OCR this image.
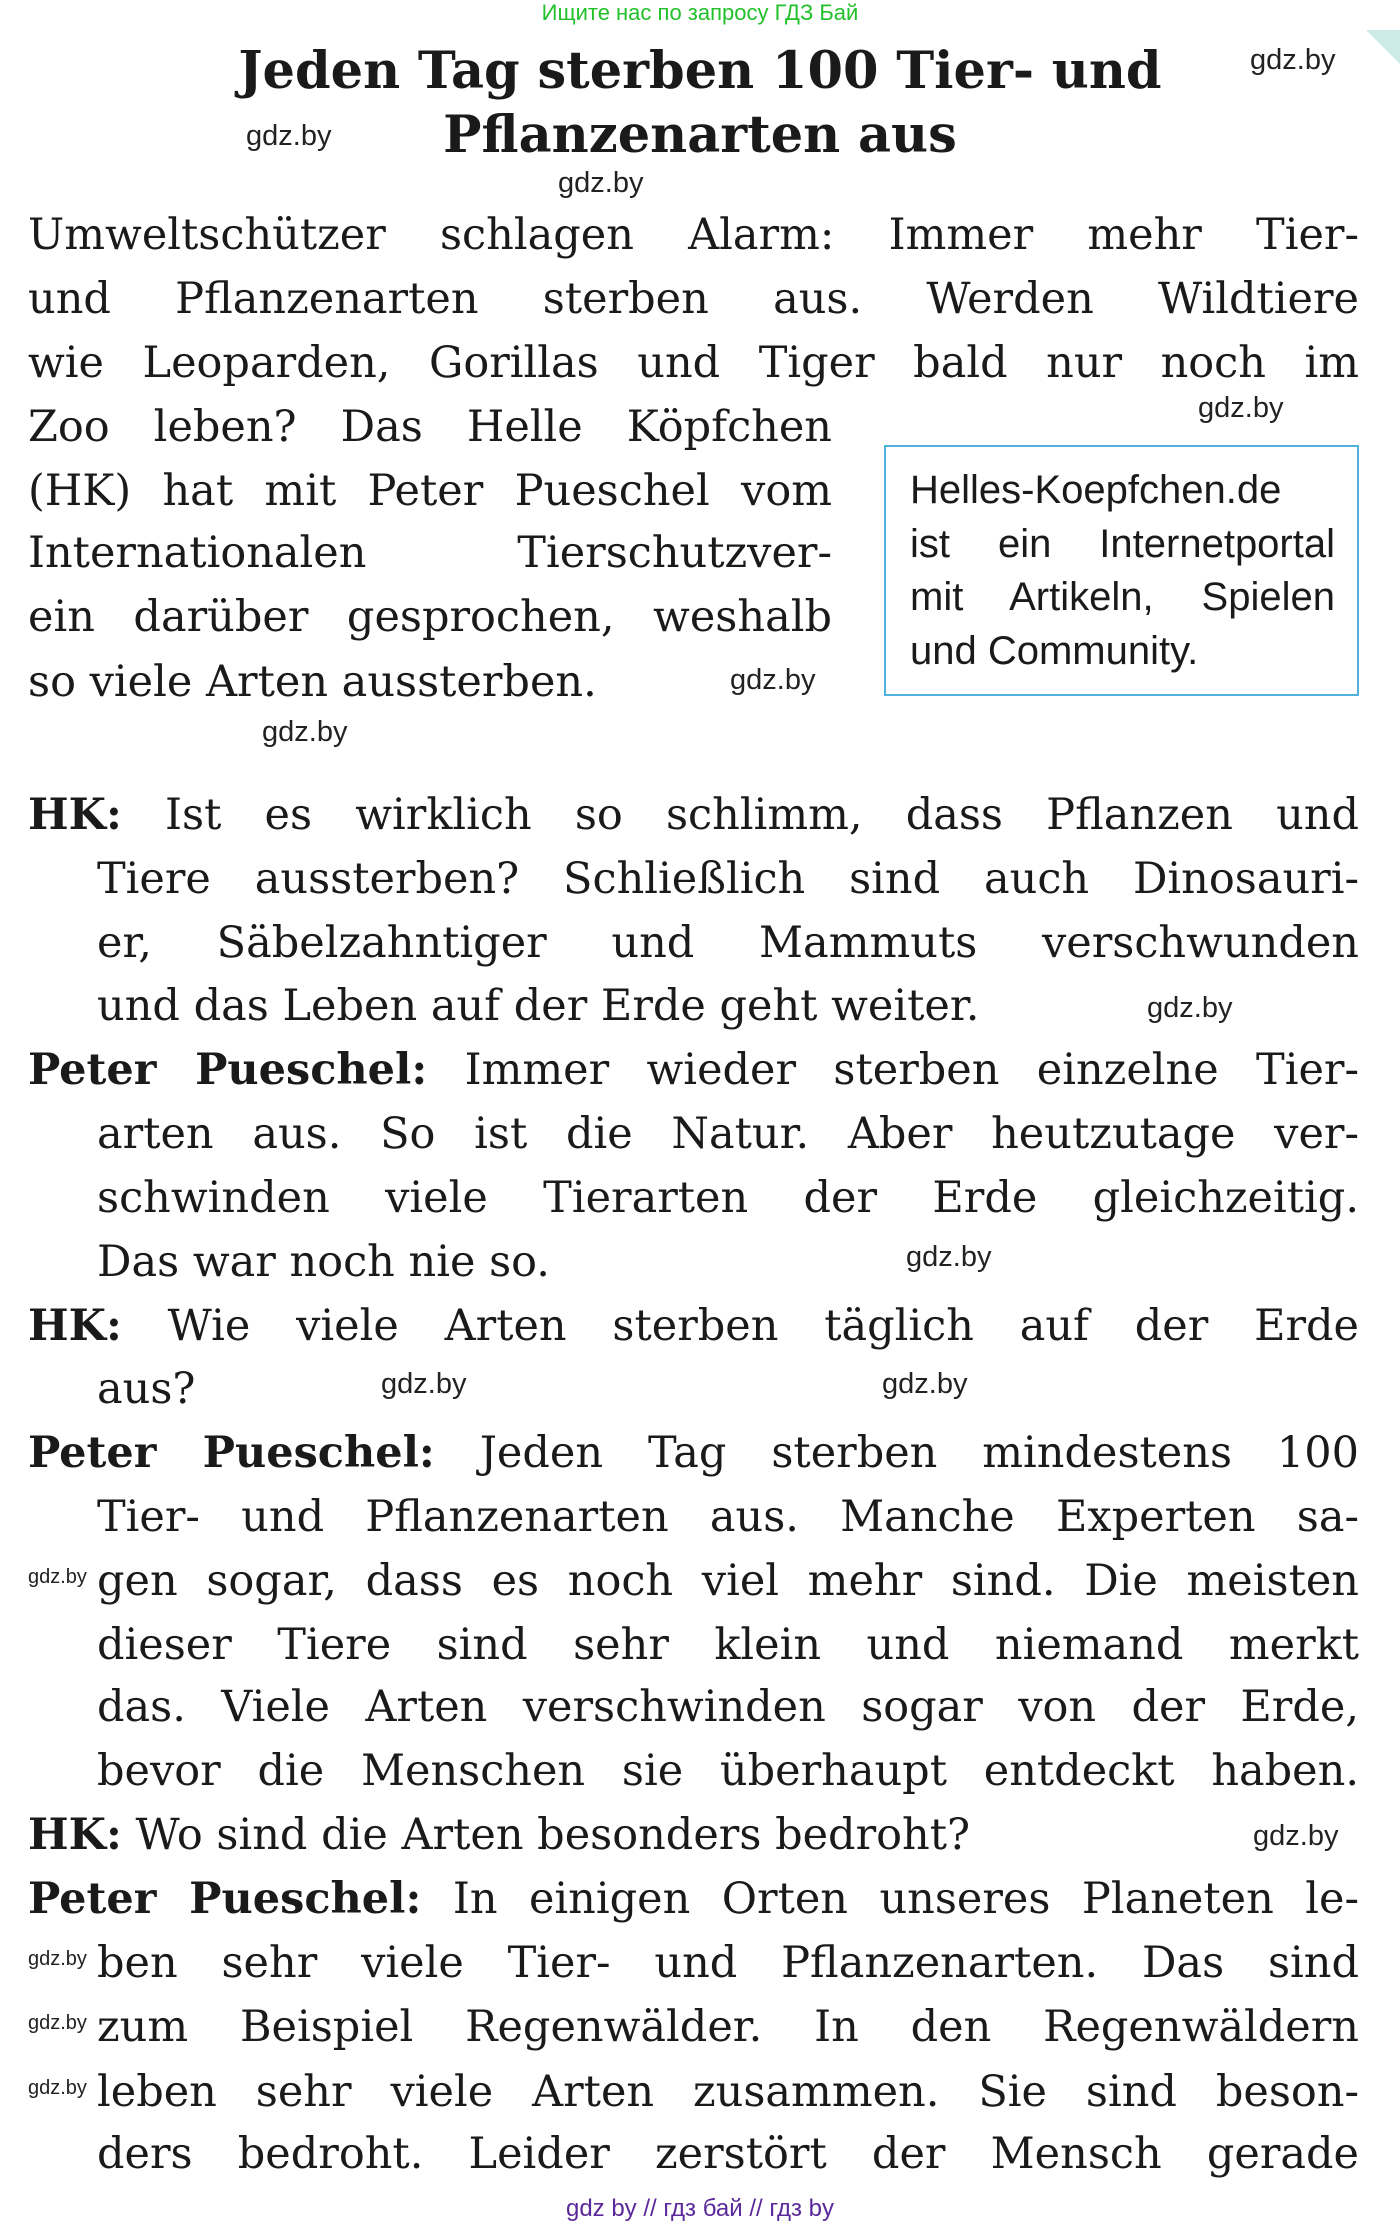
Ищите нас по запросу ГДЗ Бай
Jeden Tag sterben 100 Tier- und
Pflanzenarten aus
Umweltschützer schlagen Alarm: Immer mehr Tier-
und Pflanzenarten sterben aus. Werden Wildtiere
wie Leoparden, Gorillas und Tiger bald nur noch im
Zoo leben? Das Helle Köpfchen
(HK) hat mit Peter Pueschel vom
Internationalen Tierschutzver-
ein darüber gesprochen, weshalb
so viele Arten aussterben.
Helles-Koepfchen.de
ist ein Internetportal
mit Artikeln, Spielen
und Community.
HK: Ist es wirklich so schlimm, dass Pflanzen und
Tiere aussterben? Schließlich sind auch Dinosauri-
er, Säbelzahntiger und Mammuts verschwunden
und das Leben auf der Erde geht weiter.
Peter Pueschel: Immer wieder sterben einzelne Tier-
arten aus. So ist die Natur. Aber heutzutage ver-
schwinden viele Tierarten der Erde gleichzeitig.
Das war noch nie so.
HK: Wie viele Arten sterben täglich auf der Erde
aus?
Peter Pueschel: Jeden Tag sterben mindestens 100
Tier- und Pflanzenarten aus. Manche Experten sa-
gen sogar, dass es noch viel mehr sind. Die meisten
dieser Tiere sind sehr klein und niemand merkt
das. Viele Arten verschwinden sogar von der Erde,
bevor die Menschen sie überhaupt entdeckt haben.
HK: Wo sind die Arten besonders bedroht?
Peter Pueschel: In einigen Orten unseres Planeten le-
ben sehr viele Tier- und Pflanzenarten. Das sind
zum Beispiel Regenwälder. In den Regenwäldern
leben sehr viele Arten zusammen. Sie sind beson-
ders bedroht. Leider zerstört der Mensch gerade
gdz.by
gdz.by
gdz.by
gdz.by
gdz.by
gdz.by
gdz.by
gdz.by
gdz.by	gdz.by
gdz.by
gdz.by
gdz.by
gdz.by
gdz.by
gdz by // гдз бай // гдз by
